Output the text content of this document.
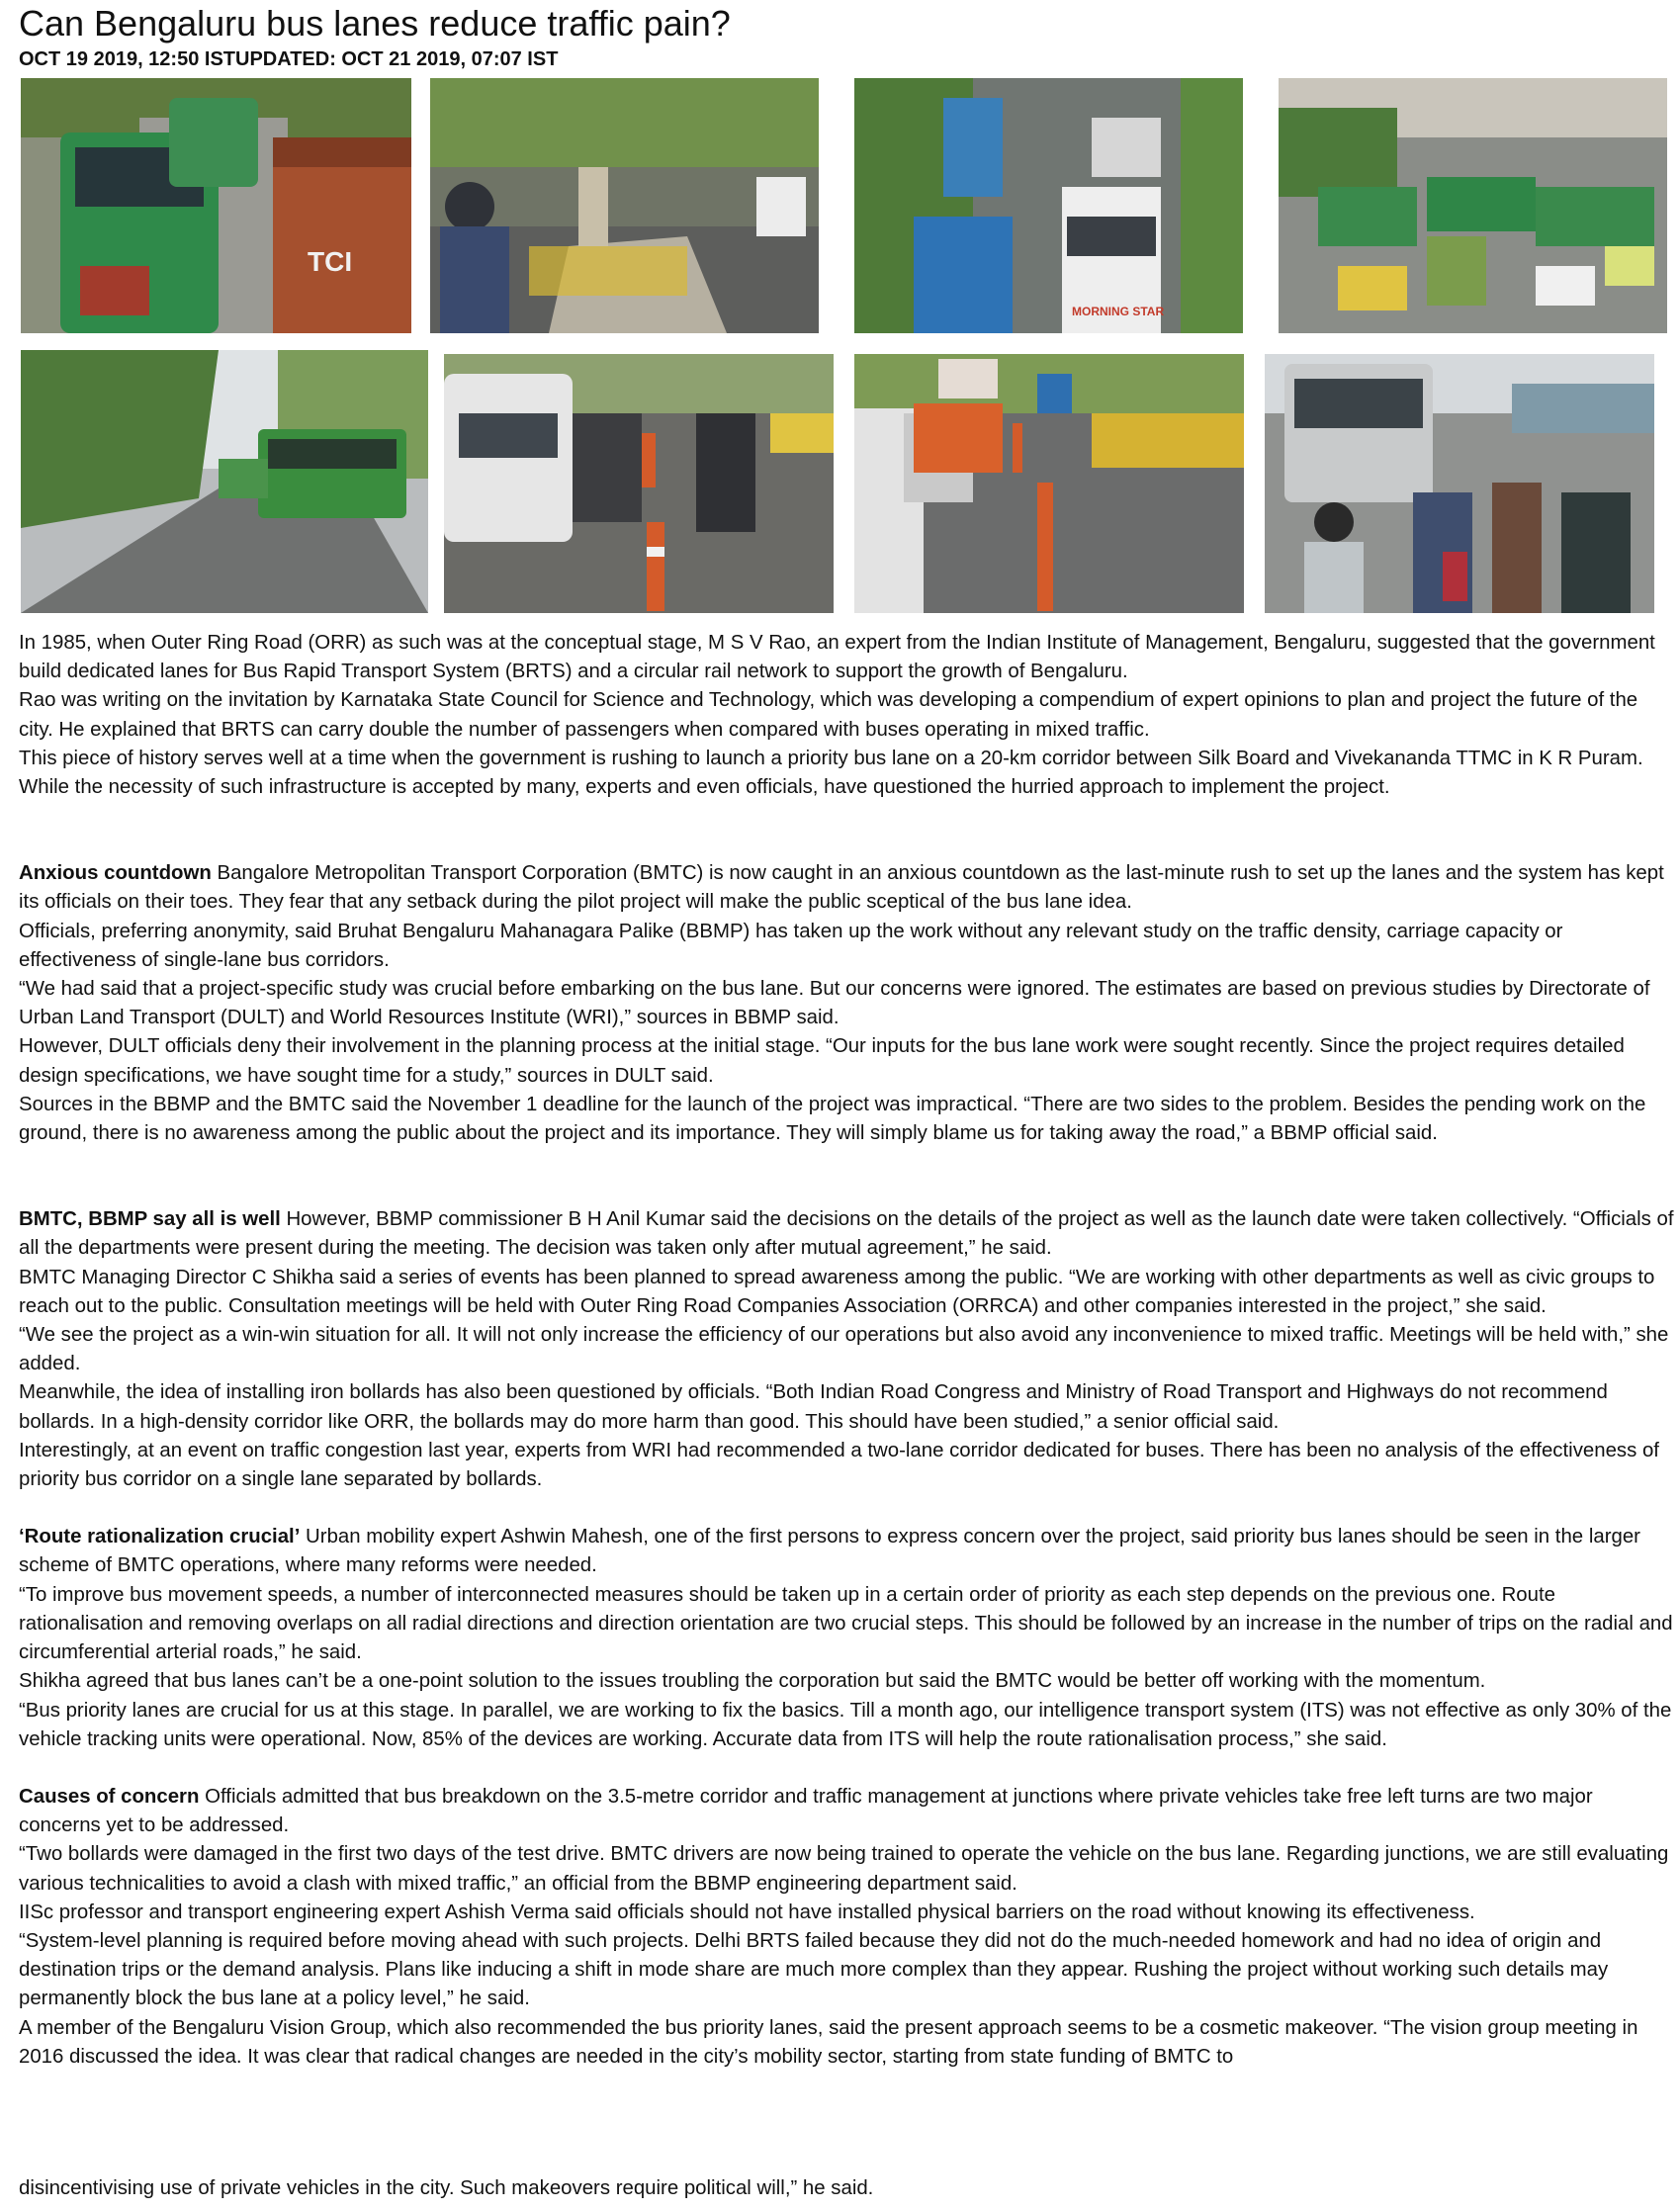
Can Bengaluru bus lanes reduce traffic pain?
OCT 19 2019, 12:50 ISTUPDATED: OCT 21 2019, 07:07 IST
TCI
MORNING STAR

In 1985, when Outer Ring Road (ORR) as such was at the conceptual stage, M S V Rao, an expert from the Indian Institute of Management, Bengaluru, suggested that the government build dedicated lanes for Bus Rapid Transport System (BRTS) and a circular rail network to support the growth of Bengaluru.

Rao was writing on the invitation by Karnataka State Council for Science and Technology, which was developing a compendium of expert opinions to plan and project the future of the city. He explained that BRTS can carry double the number of passengers when compared with buses operating in mixed traffic.

This piece of history serves well at a time when the government is rushing to launch a priority bus lane on a 20-km corridor between Silk Board and Vivekananda TTMC in K R Puram. While the necessity of such infrastructure is accepted by many, experts and even officials, have questioned the hurried approach to implement the project.

Anxious countdown Bangalore Metropolitan Transport Corporation (BMTC) is now caught in an anxious countdown as the last-minute rush to set up the lanes and the system has kept its officials on their toes. They fear that any setback during the pilot project will make the public sceptical of the bus lane idea.

Officials, preferring anonymity, said Bruhat Bengaluru Mahanagara Palike (BBMP) has taken up the work without any relevant study on the traffic density, carriage capacity or effectiveness of single-lane bus corridors.

“We had said that a project-specific study was crucial before embarking on the bus lane. But our concerns were ignored. The estimates are based on previous studies by Directorate of Urban Land Transport (DULT) and World Resources Institute (WRI),” sources in BBMP said.

However, DULT officials deny their involvement in the planning process at the initial stage. “Our inputs for the bus lane work were sought recently. Since the project requires detailed design specifications, we have sought time for a study,” sources in DULT said.

Sources in the BBMP and the BMTC said the November 1 deadline for the launch of the project was impractical. “There are two sides to the problem. Besides the pending work on the ground, there is no awareness among the public about the project and its importance. They will simply blame us for taking away the road,” a BBMP official said.

BMTC, BBMP say all is well However, BBMP commissioner B H Anil Kumar said the decisions on the details of the project as well as the launch date were taken collectively. “Officials of all the departments were present during the meeting. The decision was taken only after mutual agreement,” he said.

BMTC Managing Director C Shikha said a series of events has been planned to spread awareness among the public. “We are working with other departments as well as civic groups to reach out to the public. Consultation meetings will be held with Outer Ring Road Companies Association (ORRCA) and other companies interested in the project,” she said.

“We see the project as a win-win situation for all. It will not only increase the efficiency of our operations but also avoid any inconvenience to mixed traffic. Meetings will be held with,” she added.

Meanwhile, the idea of installing iron bollards has also been questioned by officials. “Both Indian Road Congress and Ministry of Road Transport and Highways do not recommend bollards. In a high-density corridor like ORR, the bollards may do more harm than good. This should have been studied,” a senior official said.

Interestingly, at an event on traffic congestion last year, experts from WRI had recommended a two-lane corridor dedicated for buses. There has been no analysis of the effectiveness of priority bus corridor on a single lane separated by bollards.

‘Route rationalization crucial’ Urban mobility expert Ashwin Mahesh, one of the first persons to express concern over the project, said priority bus lanes should be seen in the larger scheme of BMTC operations, where many reforms were needed.

“To improve bus movement speeds, a number of interconnected measures should be taken up in a certain order of priority as each step depends on the previous one. Route rationalisation and removing overlaps on all radial directions and direction orientation are two crucial steps. This should be followed by an increase in the number of trips on the radial and circumferential arterial roads,” he said.

Shikha agreed that bus lanes can’t be a one-point solution to the issues troubling the corporation but said the BMTC would be better off working with the momentum.

“Bus priority lanes are crucial for us at this stage. In parallel, we are working to fix the basics. Till a month ago, our intelligence transport system (ITS) was not effective as only 30% of the vehicle tracking units were operational. Now, 85% of the devices are working. Accurate data from ITS will help the route rationalisation process,” she said.

Causes of concern Officials admitted that bus breakdown on the 3.5-metre corridor and traffic management at junctions where private vehicles take free left turns are two major concerns yet to be addressed.

“Two bollards were damaged in the first two days of the test drive. BMTC drivers are now being trained to operate the vehicle on the bus lane. Regarding junctions, we are still evaluating various technicalities to avoid a clash with mixed traffic,” an official from the BBMP engineering department said.

IISc professor and transport engineering expert Ashish Verma said officials should not have installed physical barriers on the road without knowing its effectiveness.

“System-level planning is required before moving ahead with such projects. Delhi BRTS failed because they did not do the much-needed homework and had no idea of origin and destination trips or the demand analysis. Plans like inducing a shift in mode share are much more complex than they appear. Rushing the project without working such details may permanently block the bus lane at a policy level,” he said.

A member of the Bengaluru Vision Group, which also recommended the bus priority lanes, said the present approach seems to be a cosmetic makeover. “The vision group meeting in 2016 discussed the idea. It was clear that radical changes are needed in the city’s mobility sector, starting from state funding of BMTC to

disincentivising use of private vehicles in the city. Such makeovers require political will,” he said.
